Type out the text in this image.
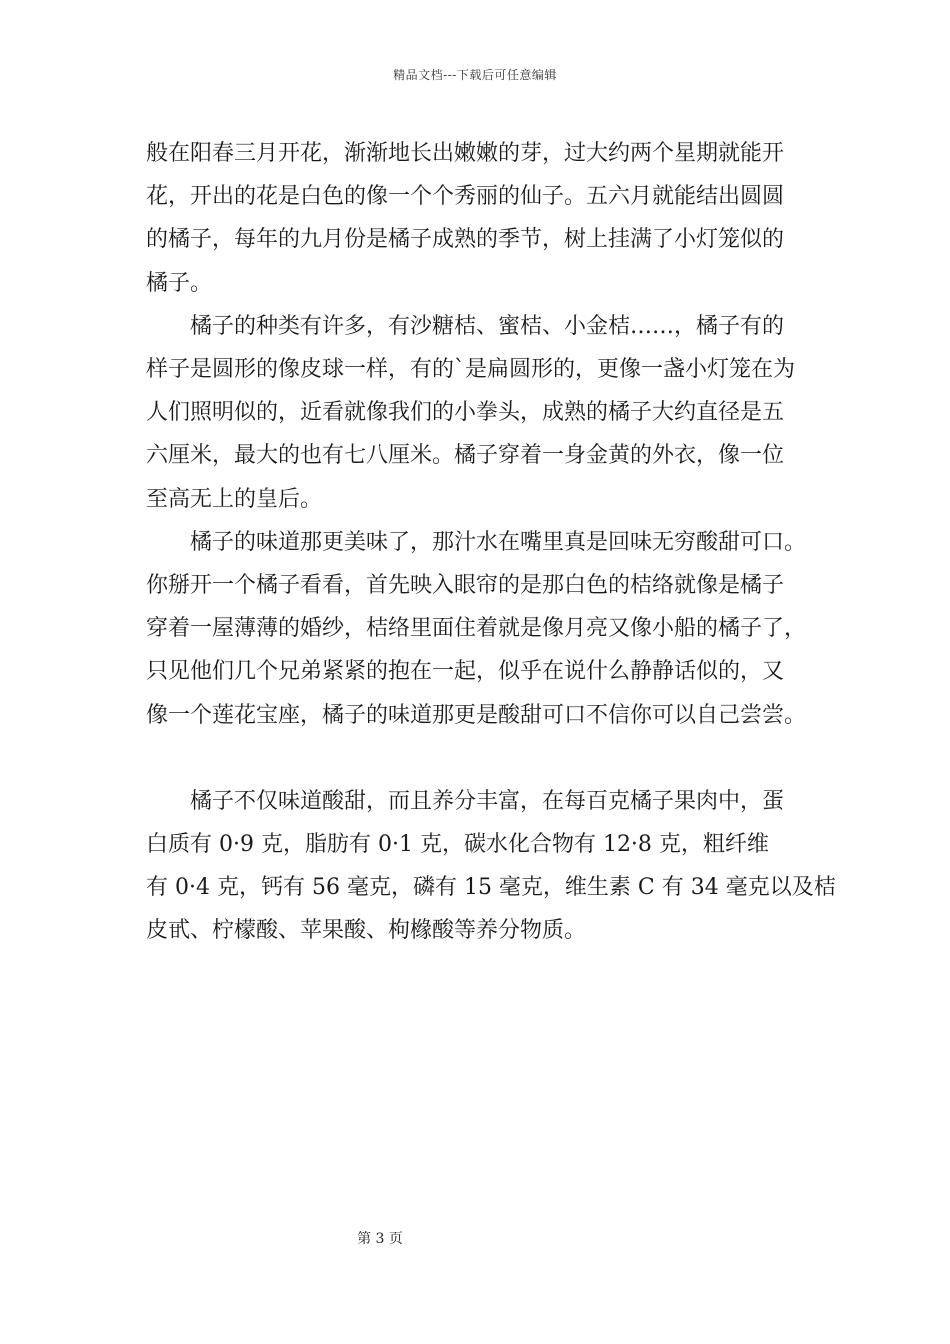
精品文档---下载后可任意编辑

般在阳春三月开花，渐渐地长出嫩嫩的芽，过大约两个星期就能开
花，开出的花是白色的像一个个秀丽的仙子。五六月就能结出圆圆
的橘子，每年的九月份是橘子成熟的季节，树上挂满了小灯笼似的
橘子。

橘子的种类有许多，有沙糖桔、蜜桔、小金桔……，橘子有的
样子是圆形的像皮球一样，有的`是扁圆形的，更像一盏小灯笼在为
人们照明似的，近看就像我们的小拳头，成熟的橘子大约直径是五
六厘米，最大的也有七八厘米。橘子穿着一身金黄的外衣，像一位
至高无上的皇后。

橘子的味道那更美味了，那汁水在嘴里真是回味无穷酸甜可口。
你掰开一个橘子看看，首先映入眼帘的是那白色的桔络就像是橘子
穿着一屋薄薄的婚纱，桔络里面住着就是像月亮又像小船的橘子了，
只见他们几个兄弟紧紧的抱在一起，似乎在说什么静静话似的，又
像一个莲花宝座，橘子的味道那更是酸甜可口不信你可以自己尝尝。

橘子不仅味道酸甜，而且养分丰富，在每百克橘子果肉中，蛋
白质有 0·9 克，脂肪有 0·1 克，碳水化合物有 12·8 克，粗纤维
有 0·4 克，钙有 56 毫克，磷有 15 毫克，维生素 C 有 34 毫克以及桔
皮甙、柠檬酸、苹果酸、枸橼酸等养分物质。

第 3 页
